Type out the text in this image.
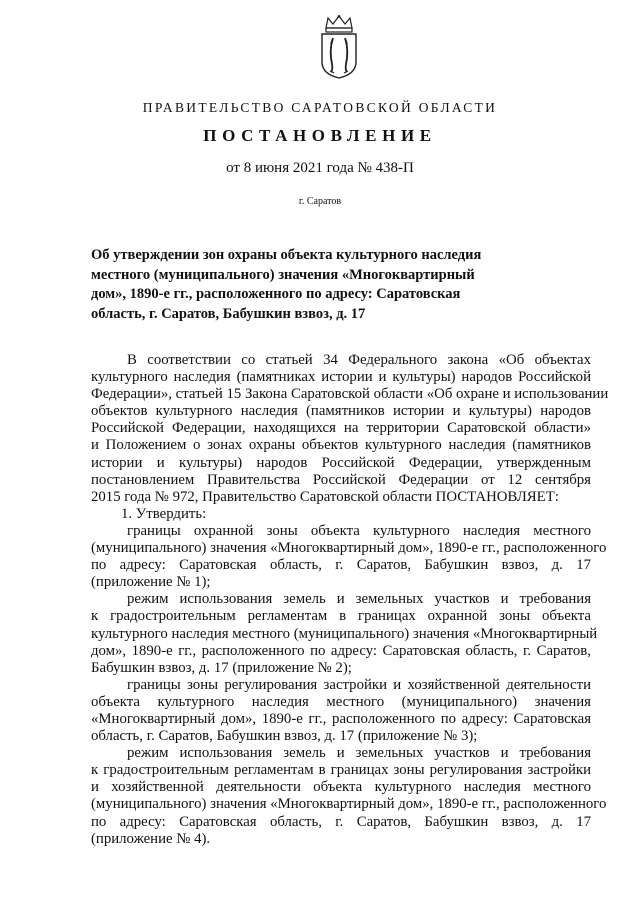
ПРАВИТЕЛЬСТВО САРАТОВСКОЙ ОБЛАСТИ
ПОСТАНОВЛЕНИЕ
от 8 июня 2021 года № 438-П
г. Саратов
Об утверждении зон охраны объекта культурного наследия
местного (муниципального) значения «Многоквартирный
дом», 1890-е гг., расположенного по адресу: Саратовская
область, г. Саратов, Бабушкин взвоз, д. 17
В соответствии со статьей 34 Федерального закона «Об объектах
культурного наследия (памятниках истории и культуры) народов Российской
Федерации», статьей 15 Закона Саратовской области «Об охране и использовании
объектов культурного наследия (памятников истории и культуры) народов
Российской Федерации, находящихся на территории Саратовской области»
и Положением о зонах охраны объектов культурного наследия (памятников
истории и культуры) народов Российской Федерации, утвержденным
постановлением Правительства Российской Федерации от 12 сентября
2015 года № 972, Правительство Саратовской области ПОСТАНОВЛЯЕТ:
1. Утвердить:
границы охранной зоны объекта культурного наследия местного
(муниципального) значения «Многоквартирный дом», 1890-е гг., расположенного
по адресу: Саратовская область, г. Саратов, Бабушкин взвоз, д. 17
(приложение № 1);
режим использования земель и земельных участков и требования
к градостроительным регламентам в границах охранной зоны объекта
культурного наследия местного (муниципального) значения «Многоквартирный
дом», 1890-е гг., расположенного по адресу: Саратовская область, г. Саратов,
Бабушкин взвоз, д. 17 (приложение № 2);
границы зоны регулирования застройки и хозяйственной деятельности
объекта культурного наследия местного (муниципального) значения
«Многоквартирный дом», 1890-е гг., расположенного по адресу: Саратовская
область, г. Саратов, Бабушкин взвоз, д. 17 (приложение № 3);
режим использования земель и земельных участков и требования
к градостроительным регламентам в границах зоны регулирования застройки
и хозяйственной деятельности объекта культурного наследия местного
(муниципального) значения «Многоквартирный дом», 1890-е гг., расположенного
по адресу: Саратовская область, г. Саратов, Бабушкин взвоз, д. 17
(приложение № 4).
